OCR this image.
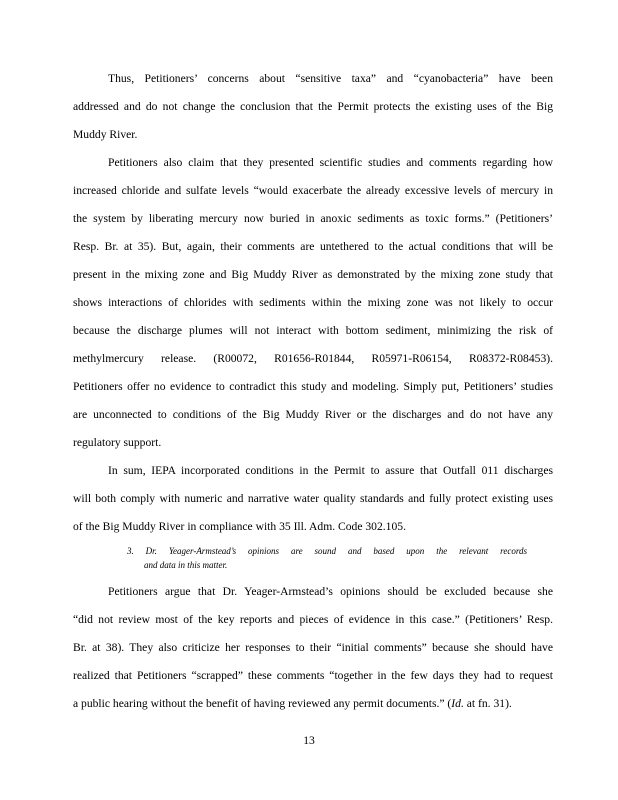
Thus, Petitioners’ concerns about “sensitive taxa” and “cyanobacteria” have been
addressed and do not change the conclusion that the Permit protects the existing uses of the Big
Muddy River.
Petitioners also claim that they presented scientific studies and comments regarding how
increased chloride and sulfate levels “would exacerbate the already excessive levels of mercury in
the system by liberating mercury now buried in anoxic sediments as toxic forms.” (Petitioners’
Resp. Br. at 35). But, again, their comments are untethered to the actual conditions that will be
present in the mixing zone and Big Muddy River as demonstrated by the mixing zone study that
shows interactions of chlorides with sediments within the mixing zone was not likely to occur
because the discharge plumes will not interact with bottom sediment, minimizing the risk of
methylmercury release. (R00072, R01656-R01844, R05971-R06154, R08372-R08453).
Petitioners offer no evidence to contradict this study and modeling. Simply put, Petitioners’ studies
are unconnected to conditions of the Big Muddy River or the discharges and do not have any
regulatory support.
In sum, IEPA incorporated conditions in the Permit to assure that Outfall 011 discharges
will both comply with numeric and narrative water quality standards and fully protect existing uses
of the Big Muddy River in compliance with 35 Ill. Adm. Code 302.105.
3. Dr. Yeager-Armstead’s opinions are sound and based upon the relevant records
and data in this matter.
Petitioners argue that Dr. Yeager-Armstead’s opinions should be excluded because she
“did not review most of the key reports and pieces of evidence in this case.” (Petitioners’ Resp.
Br. at 38). They also criticize her responses to their “initial comments” because she should have
realized that Petitioners “scrapped” these comments “together in the few days they had to request
a public hearing without the benefit of having reviewed any permit documents.” (Id. at fn. 31).
13
